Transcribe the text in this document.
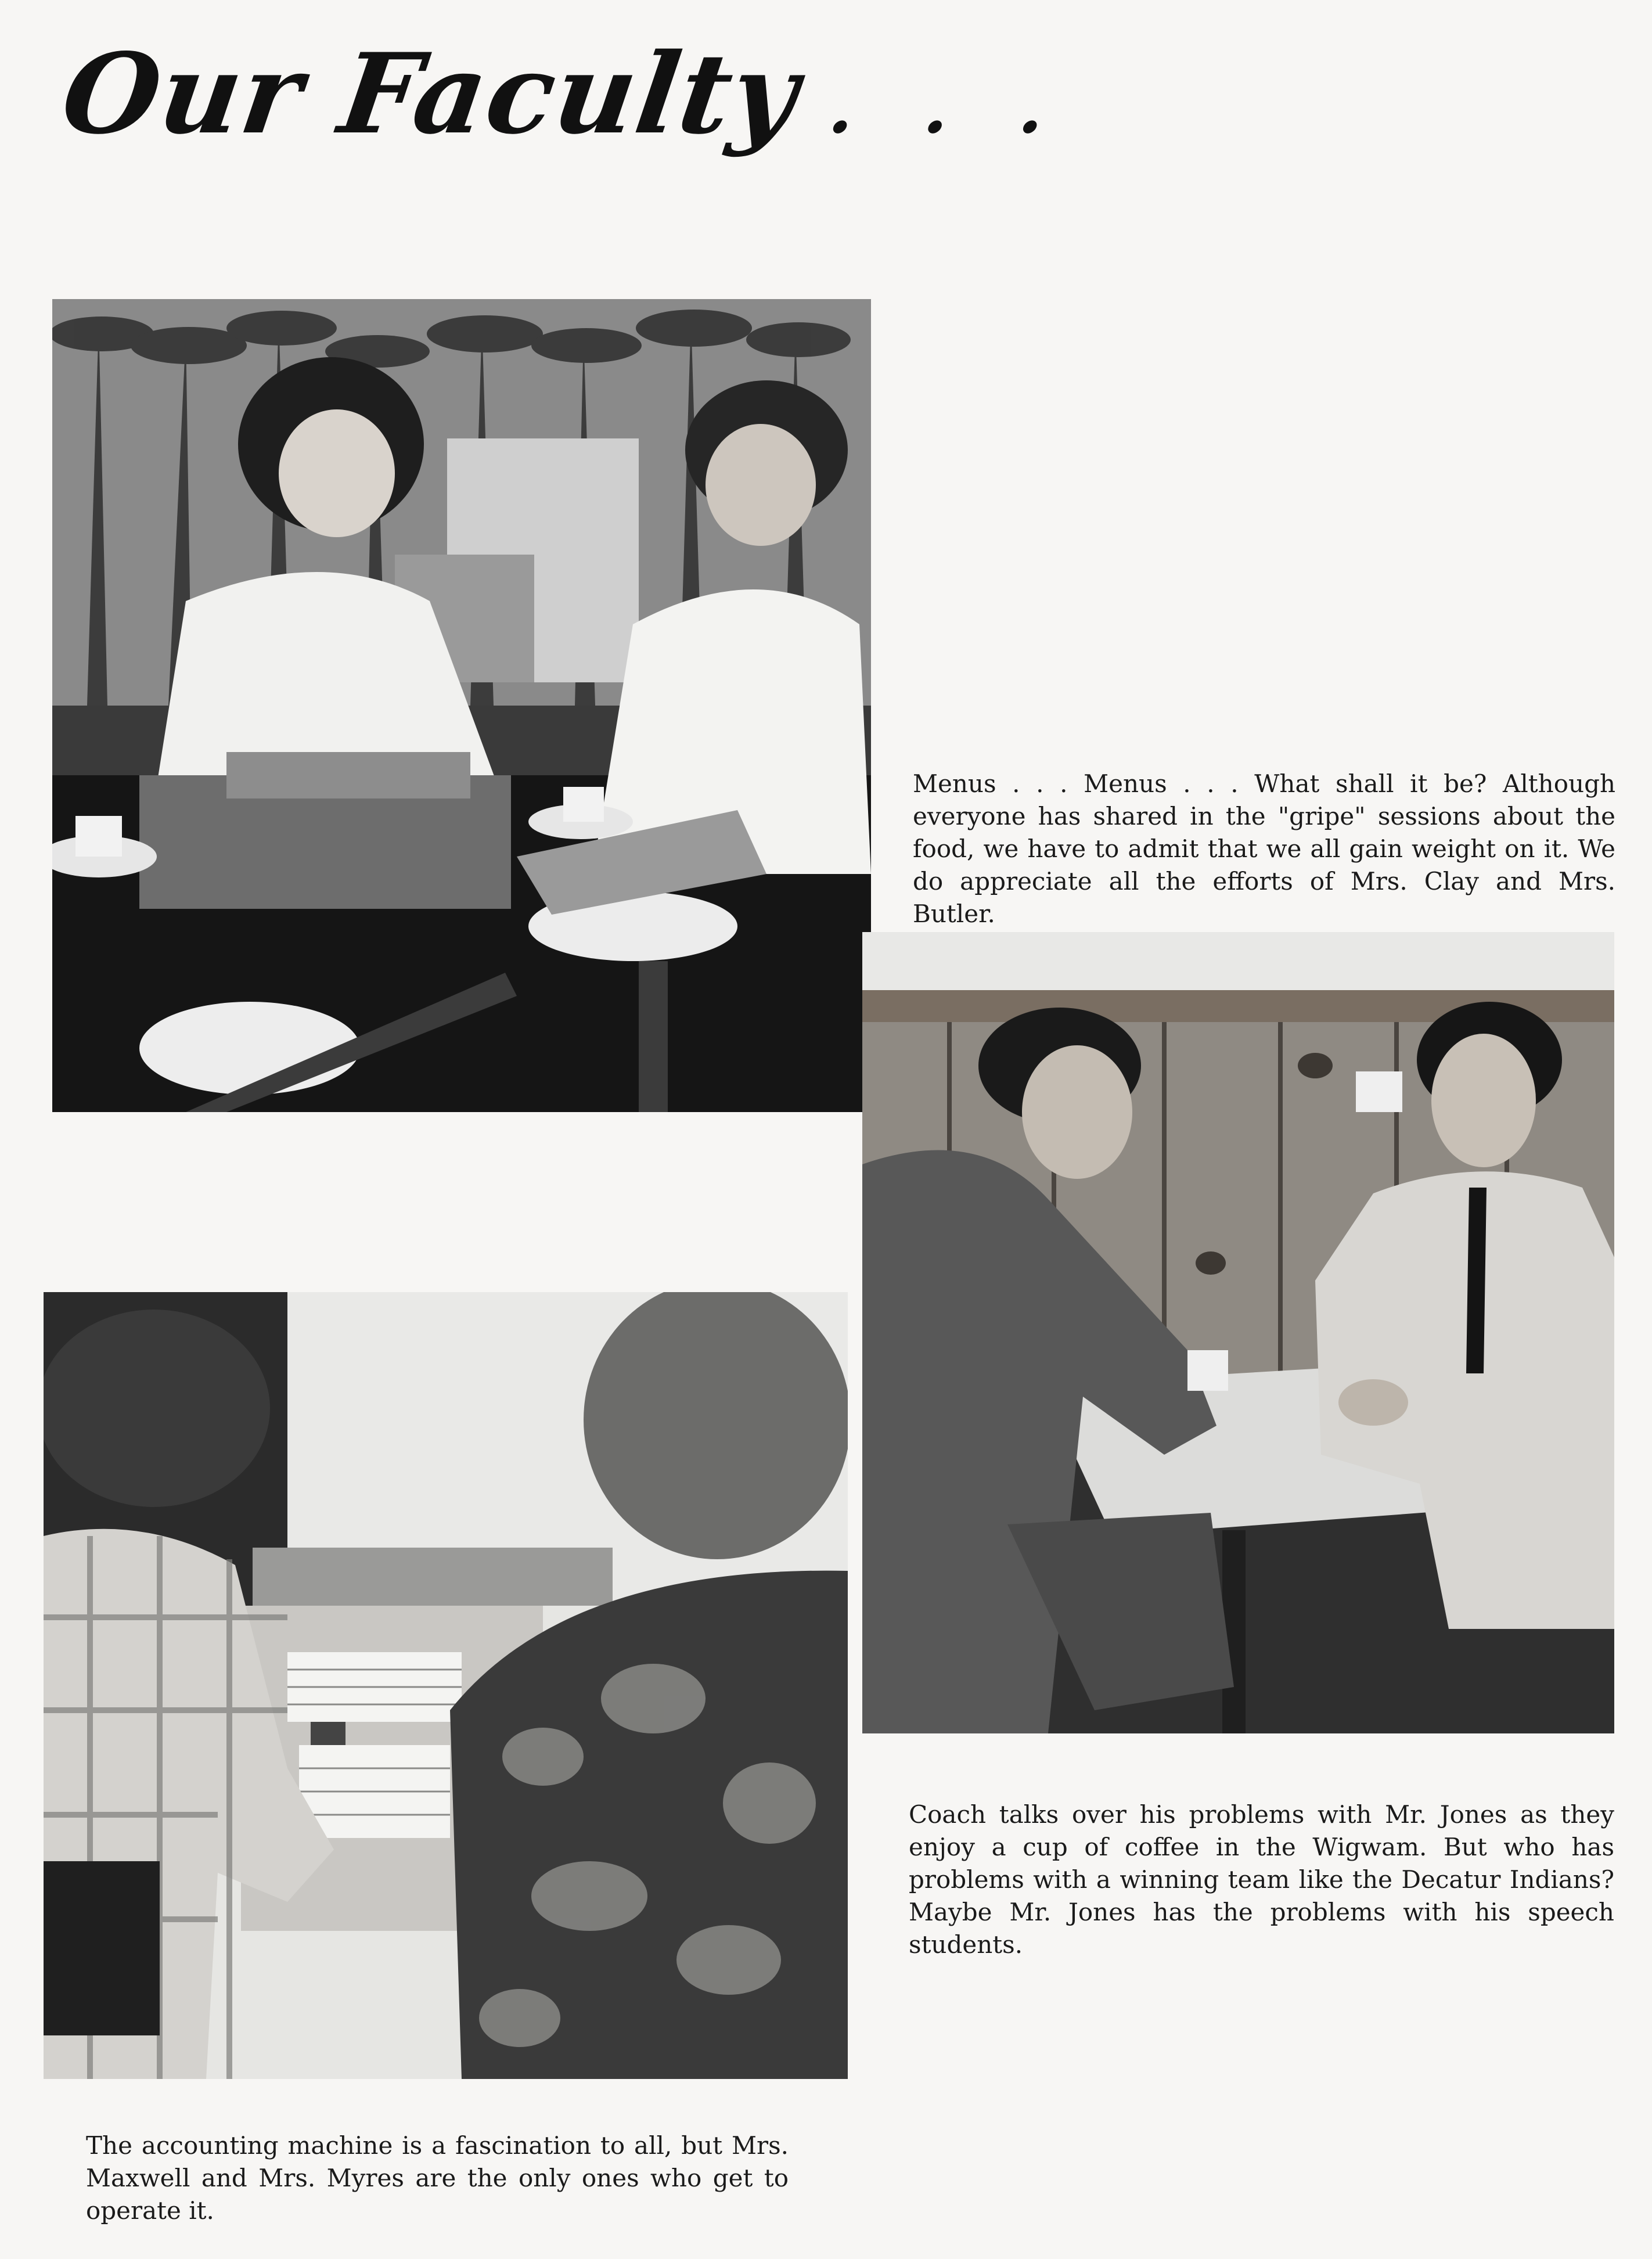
Our Faculty . . .

Menus . . . Menus . . . What shall it be? Although everyone has shared in the "gripe" sessions about the food, we have to admit that we all gain weight on it. We do appreciate all the efforts of Mrs. Clay and Mrs. Butler.

Coach talks over his problems with Mr. Jones as they enjoy a cup of coffee in the Wigwam. But who has problems with a winning team like the Decatur Indians? Maybe Mr. Jones has the problems with his speech students.

The accounting machine is a fascination to all, but Mrs. Maxwell and Mrs. Myres are the only ones who get to operate it.
